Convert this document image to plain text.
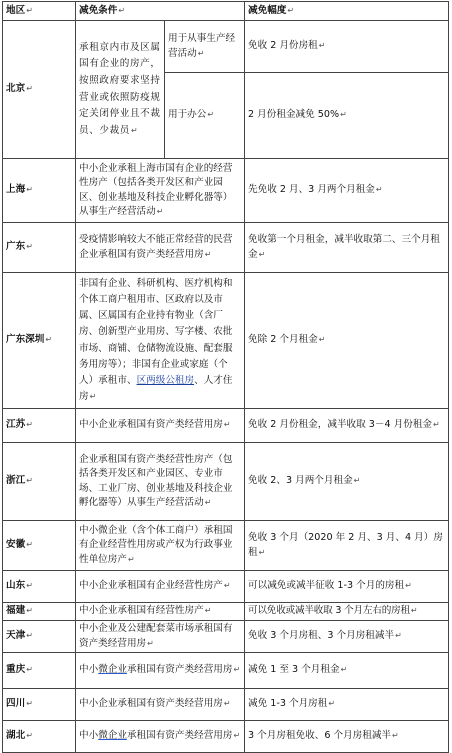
地区 ↵	减免条件 ↵		减免幅度 ↵
北京 ↵	承租京内市及区属国有企业的房产，按照政府要求坚持营业或依照防疫规定关闭停业且不裁员、少裁员 ↵	用于从事生产经营活动 ↵	免收 2 月份房租 ↵
		用于办公 ↵	2 月份租金减免 50% ↵
上海 ↵	中小企业承租上海市国有企业的经营性房产（包括各类开发区和产业园区、创业基地及科技企业孵化器等）从事生产经营活动 ↵		先免收 2 月、3 月两个月租金 ↵
广东 ↵	受疫情影响较大不能正常经营的民营企业承租国有资产类经营用房 ↵		免收第一个月租金，减半收取第二、三个月租金 ↵
广东深圳 ↵	非国有企业、科研机构、医疗机构和个体工商户租用市、区政府以及市属、区属国有企业持有物业（含厂房、创新型产业用房、写字楼、农批市场、商铺、仓储物流设施、配套服务用房等）；非国有企业或家庭（个人）承租市、区两级公租房、人才住房 ↵		免除 2 个月租金 ↵
江苏 ↵	中小企业承租国有资产类经营用房 ↵		免收 2 月份租金，减半收取 3－4 月份租金 ↵
浙江 ↵	企业承租国有资产类经营性房产（包括各类开发区和产业园区、专业市场、工业厂房、创业基地及科技企业孵化器等）从事生产经营活动 ↵		免收 2、3 月两个月租金 ↵
安徽 ↵	中小微企业（含个体工商户）承租国有企业经营性用房或产权为行政事业性单位房产 ↵		免收 3 个月（2020 年 2 月、3 月、4 月）房租 ↵
山东 ↵	中小企业承租国有企业经营性房产 ↵		可以减免或减半征收 1-3 个月的房租 ↵
福建 ↵	中小企业承租国有经营性房产 ↵		可以免收或减半收取 3 个月左右的房租 ↵
天津 ↵	中小企业及公建配套菜市场承租国有资产类经营用房 ↵		免收 3 个月房租、3 个月房租减半 ↵
重庆 ↵	中小微企业承租国有资产类经营用房 ↵		减免 1 至 3 个月租金 ↵
四川 ↵	中小企业承租国有资产类经营用房 ↵		减免 1-3 个月房租 ↵
湖北 ↵	中小微企业承租国有资产类经营用房 ↵		3 个月房租免收、6 个月房租减半 ↵
